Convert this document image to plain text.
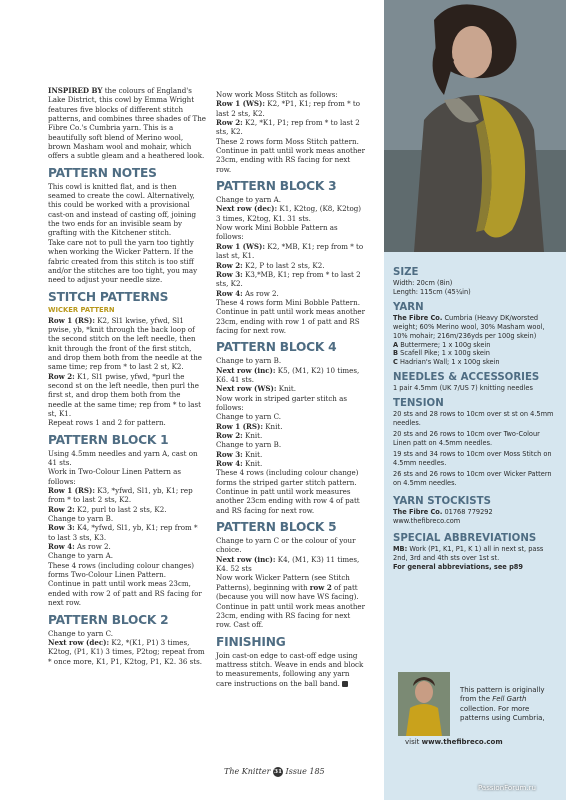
INSPIRED BY the colours of England's Lake District, this cowl by Emma Wright features five blocks of different stitch patterns, and combines three shades of The Fibre Co.'s Cumbria yarn. This is a beautifully soft blend of Merino wool, brown Masham wool and mohair, which offers a subtle gleam and a heathered look.

PATTERN NOTES

This cowl is knitted flat, and is then seamed to create the cowl. Alternatively, this could be worked with a provisional cast-on and instead of casting off, joining the two ends for an invisible seam by grafting with the Kitchener stitch.

Take care not to pull the yarn too tightly when working the Wicker Pattern. If the fabric created from this stitch is too stiff and/or the stitches are too tight, you may need to adjust your needle size.

STITCH PATTERNS
WICKER PATTERN

Row 1 (RS): K2, Sl1 kwise, yfwd, Sl1 pwise, yb, *knit through the back loop of the second stitch on the left needle, then knit through the front of the first stitch, and drop them both from the needle at the same time; rep from * to last 2 st, K2.

Row 2: K1, Sl1 pwise, yfwd, *purl the second st on the left needle, then purl the first st, and drop them both from the needle at the same time; rep from * to last st, K1.

Repeat rows 1 and 2 for pattern.

PATTERN BLOCK 1

Using 4.5mm needles and yarn A, cast on 41 sts.

Work in Two-Colour Linen Pattern as follows:

Row 1 (RS): K3, *yfwd, Sl1, yb, K1; rep from * to last 2 sts, K2.

Row 2: K2, purl to last 2 sts, K2.

Change to yarn B.

Row 3: K4, *yfwd, Sl1, yb, K1; rep from * to last 3 sts, K3.

Row 4: As row 2.

Change to yarn A.

These 4 rows (including colour changes) forms Two-Colour Linen Pattern.

Continue in patt until work meas 23cm, ended with row 2 of patt and RS facing for next row.

PATTERN BLOCK 2

Change to yarn C.

Next row (dec): K2, *(K1, P1) 3 times, K2tog, (P1, K1) 3 times, P2tog; repeat from * once more, K1, P1, K2tog, P1, K2. 36 sts.

Now work Moss Stitch as follows:

Row 1 (WS): K2, *P1, K1; rep from * to last 2 sts, K2.

Row 2: K2, *K1, P1; rep from * to last 2 sts, K2.

These 2 rows form Moss Stitch pattern.

Continue in patt until work meas another 23cm, ending with RS facing for next row.

PATTERN BLOCK 3

Change to yarn A.

Next row (dec): K1, K2tog, (K8, K2tog) 3 times, K2tog, K1. 31 sts.

Now work Mini Bobble Pattern as follows:

Row 1 (WS): K2, *MB, K1; rep from * to last st, K1.

Row 2: K2, P to last 2 sts, K2.

Row 3: K3,*MB, K1; rep from * to last 2 sts, K2.

Row 4: As row 2.

These 4 rows form Mini Bobble Pattern. Continue in patt until work meas another 23cm, ending with row 1 of patt and RS facing for next row.

PATTERN BLOCK 4

Change to yarn B.

Next row (inc): K5, (M1, K2) 10 times, K6. 41 sts.

Next row (WS): Knit.

Now work in striped garter stitch as follows:

Change to yarn C.

Row 1 (RS): Knit.

Row 2: Knit.

Change to yarn B.

Row 3: Knit.

Row 4: Knit.

These 4 rows (including colour change) forms the striped garter stitch pattern. Continue in patt until work measures another 23cm ending with row 4 of patt and RS facing for next row.

PATTERN BLOCK 5

Change to yarn C or the colour of your choice.

Next row (inc): K4, (M1, K3) 11 times, K4. 52 sts

Now work Wicker Pattern (see Stitch Patterns), beginning with row 2 of patt (because you will now have WS facing).

Continue in patt until work meas another 23cm, ending with RS facing for next row. Cast off.

FINISHING

Join cast-on edge to cast-off edge using mattress stitch. Weave in ends and block to measurements, following any yarn care instructions on the ball band.

SIZE

Width: 20cm (8in)

Length: 115cm (45¼in)

YARN

The Fibre Co. Cumbria (Heavy DK/worsted weight; 60% Merino wool, 30% Masham wool, 10% mohair; 216m/236yds per 100g skein)

A Buttermere; 1 x 100g skein

B Scafell Pike; 1 x 100g skein

C Hadrian's Wall; 1 x 100g skein

NEEDLES & ACCESSORIES

1 pair 4.5mm (UK 7/US 7) knitting needles

TENSION

20 sts and 28 rows to 10cm over st st on 4.5mm needles.

20 sts and 26 rows to 10cm over Two-Colour Linen patt on 4.5mm needles.

19 sts and 34 rows to 10cm over Moss Stitch on 4.5mm needles.

26 sts and 26 rows to 10cm over Wicker Pattern on 4.5mm needles.

YARN STOCKISTS

The Fibre Co. 01768 779292

www.thefibreco.com

SPECIAL ABBREVIATIONS

MB: Work (P1, K1, P1, K 1) all in next st, pass 2nd, 3rd and 4th sts over 1st st.

For general abbreviations, see p89

This pattern is originally from the Fell Garth collection. For more patterns using Cumbria,
visit www.thefibreco.com
The Knitter 31 Issue 185
PassionForum.ru
